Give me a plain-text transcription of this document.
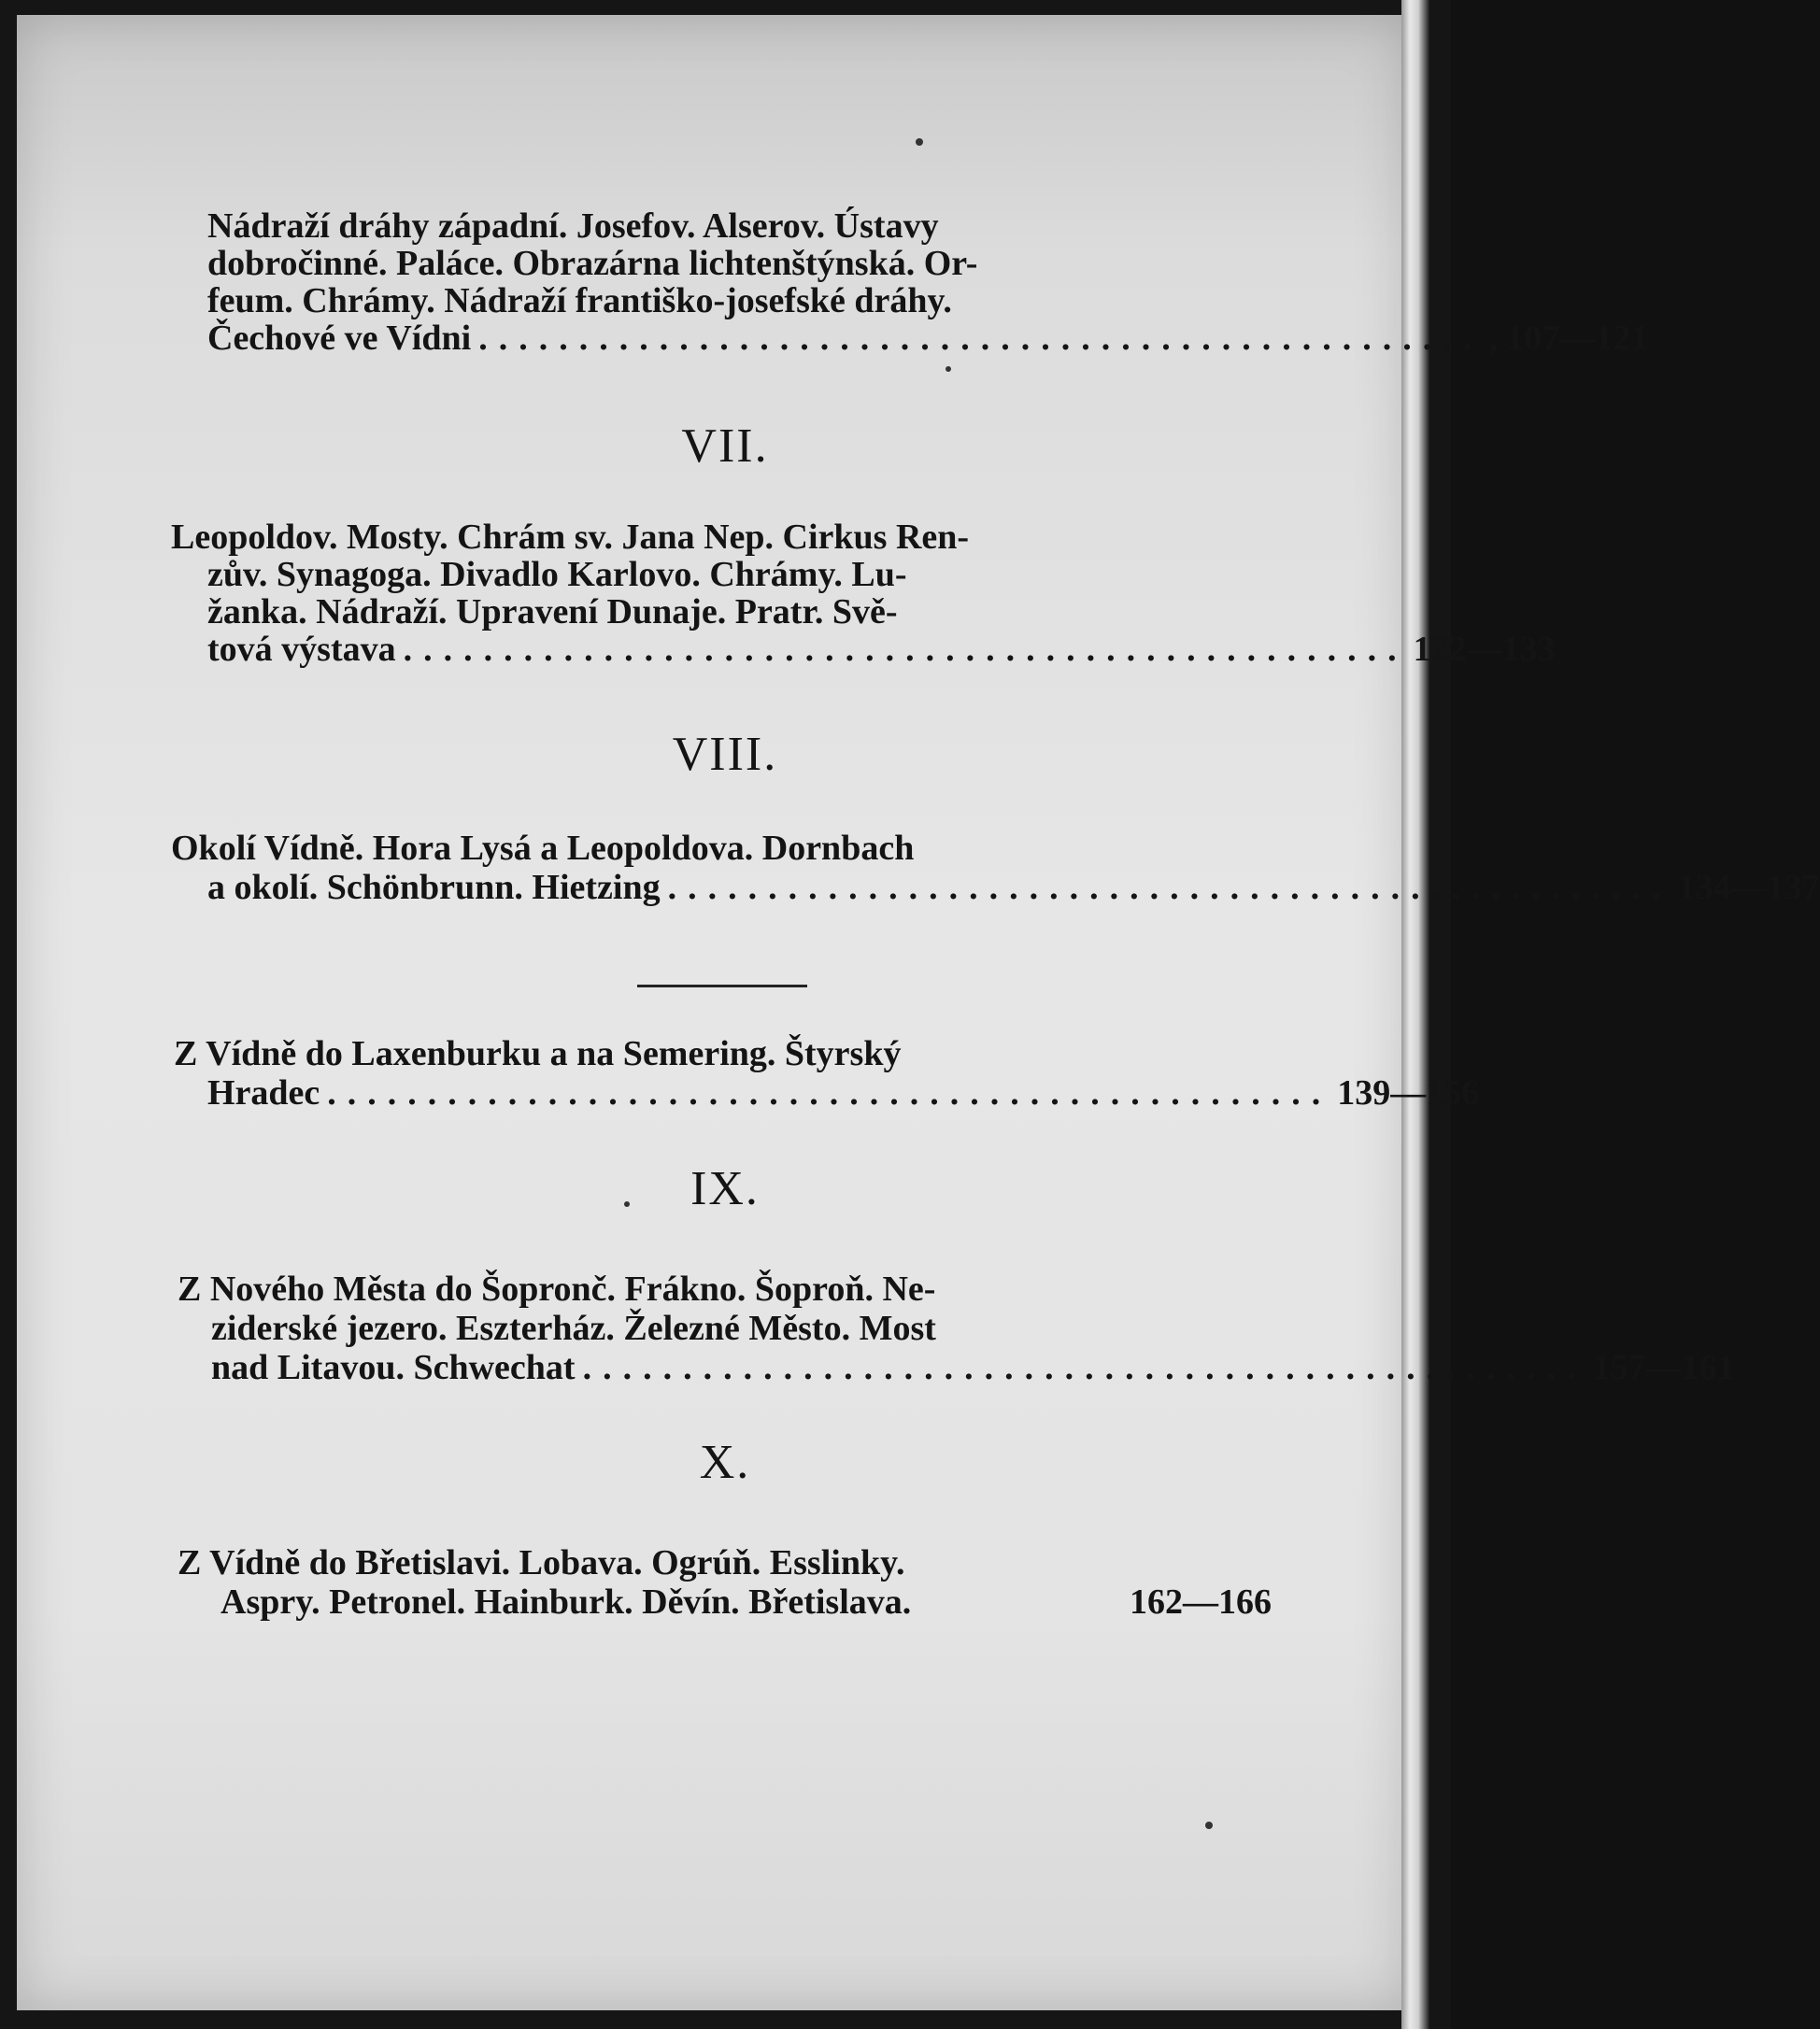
Nádraží dráhy západní. Josefov. Alserov. Ústavy
dobročinné. Paláce. Obrazárna lichtenštýnská. Or-
feum. Chrámy. Nádraží františko-josefské dráhy.
Čechové ve Vídni .................................................. , 107—121
VII.
Leopoldov. Mosty. Chrám sv. Jana Nep. Cirkus Ren-
zův. Synagoga. Divadlo Karlovo. Chrámy. Lu-
žanka. Nádraží. Upravení Dunaje. Pratr. Svě-
tová výstava .................................................. 122—133
VIII.
Okolí Vídně. Hora Lysá a Leopoldova. Dornbach
a okolí. Schönbrunn. Hietzing .................................................. 134—137
Z Vídně do Laxenburku a na Semering. Štyrský
Hradec .................................................. 139—156
IX.
Z Nového Města do Šopronč. Frákno. Šoproň. Ne-
ziderské jezero. Eszterház. Železné Město. Most
nad Litavou. Schwechat .................................................. 157—161
X.
Z Vídně do Břetislavi. Lobava. Ogrúň. Esslinky.
Aspry. Petronel. Hainburk. Děvín. Břetislava.	162—166
